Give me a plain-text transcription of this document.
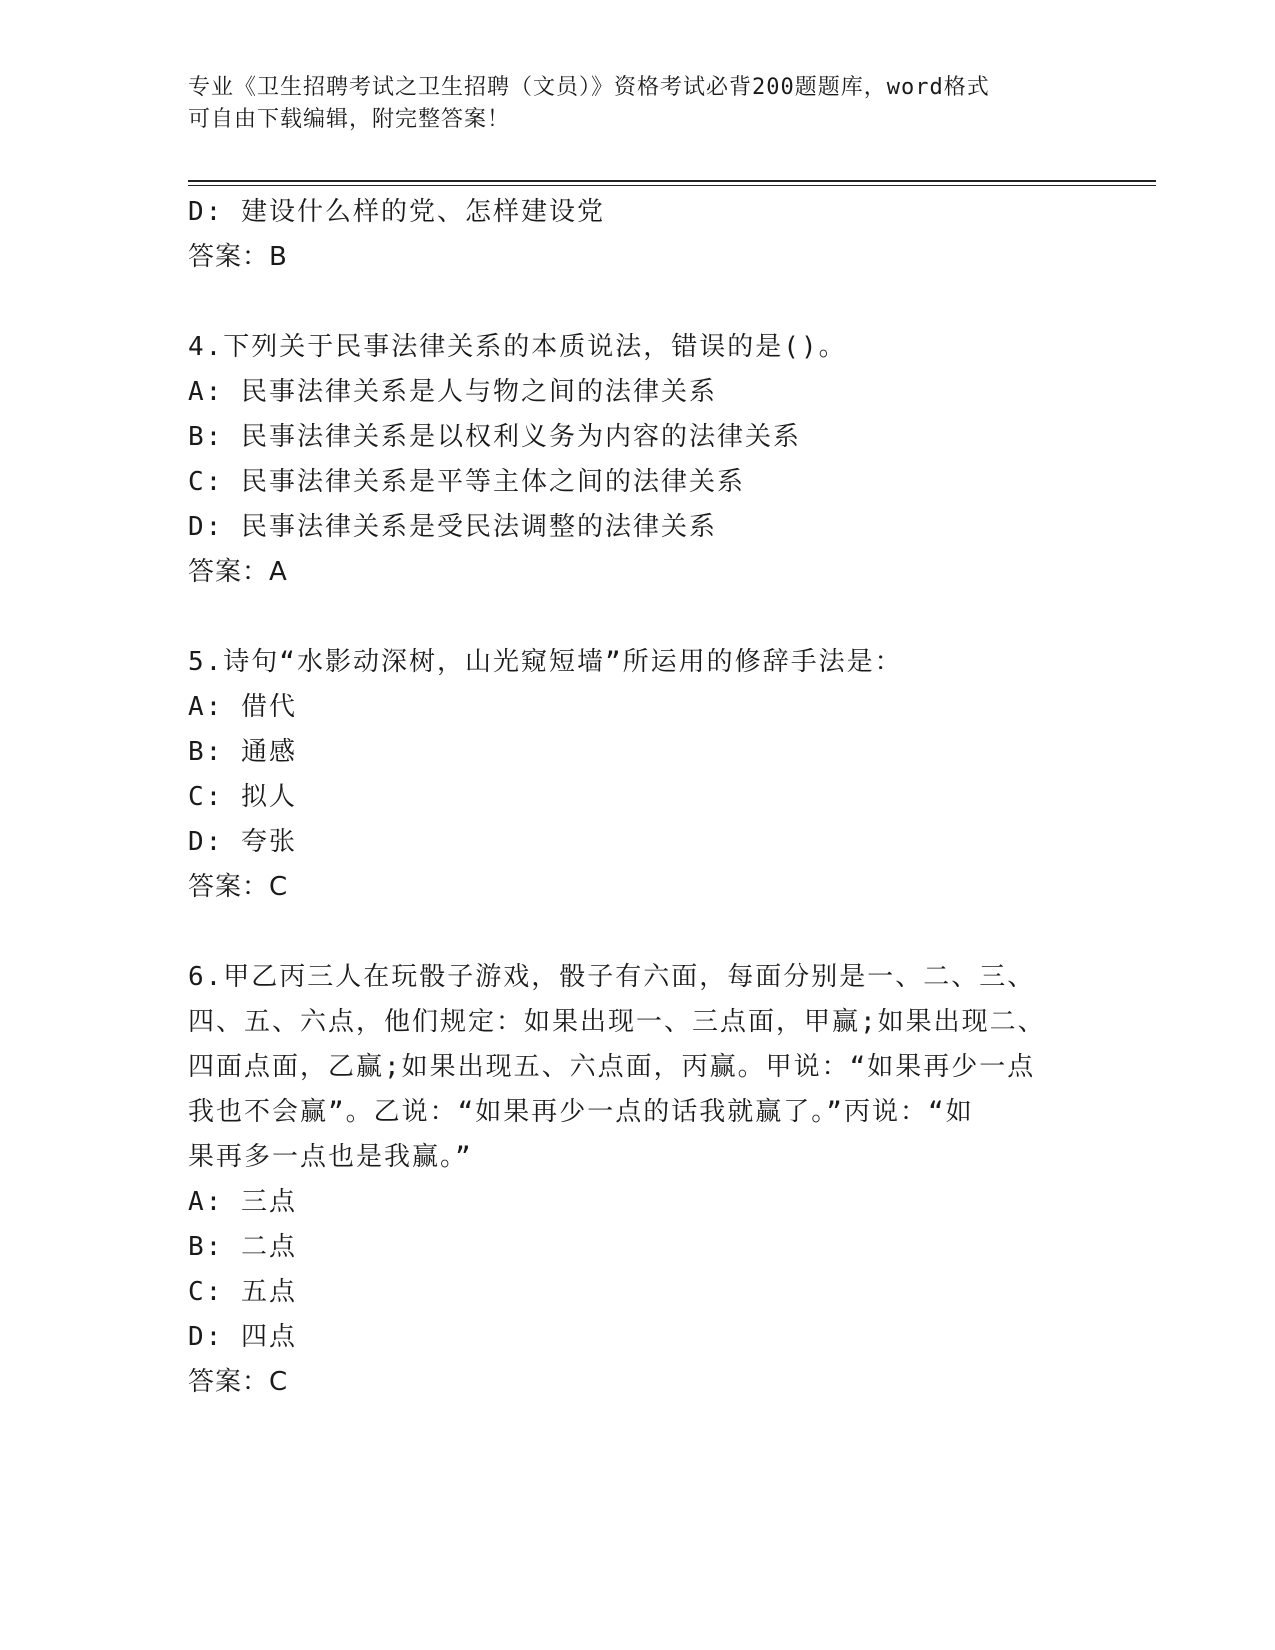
专业《卫生招聘考试之卫生招聘（文员）》资格考试必背200题题库，word格式
可自由下载编辑，附完整答案！
D: 建设什么样的党、怎样建设党
答案：B
4.下列关于民事法律关系的本质说法，错误的是()。
A: 民事法律关系是人与物之间的法律关系
B: 民事法律关系是以权利义务为内容的法律关系
C: 民事法律关系是平等主体之间的法律关系
D: 民事法律关系是受民法调整的法律关系
答案：A
5.诗句“水影动深树，山光窥短墙”所运用的修辞手法是：
A: 借代
B: 通感
C: 拟人
D: 夸张
答案：C
6.甲乙丙三人在玩骰子游戏，骰子有六面，每面分别是一、二、三、
四、五、六点，他们规定：如果出现一、三点面，甲赢;如果出现二、
四面点面，乙赢;如果出现五、六点面，丙赢。甲说：“如果再少一点
我也不会赢”。乙说：“如果再少一点的话我就赢了。”丙说：“如
果再多一点也是我赢。”
A: 三点
B: 二点
C: 五点
D: 四点
答案：C
